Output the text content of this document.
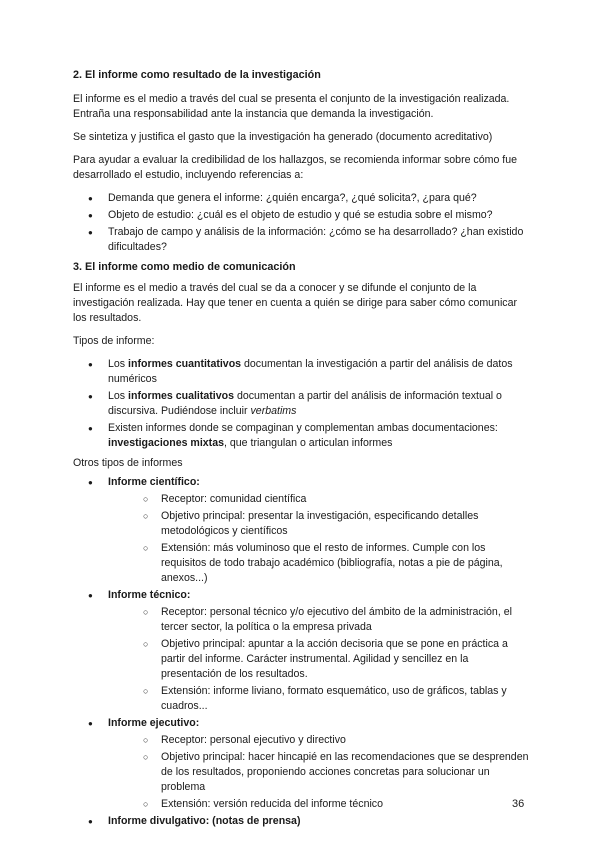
2. El informe como resultado de la investigación

El informe es el medio a través del cual se presenta el conjunto de la investigación realizada. Entraña una responsabilidad ante la instancia que demanda la investigación.

Se sintetiza y justifica el gasto que la investigación ha generado (documento acreditativo)

Para ayudar a evaluar la credibilidad de los hallazgos, se recomienda informar sobre cómo fue desarrollado el estudio, incluyendo referencias a:

● Demanda que genera el informe: ¿quién encarga?, ¿qué solicita?, ¿para qué?
● Objeto de estudio: ¿cuál es el objeto de estudio y qué se estudia sobre el mismo?
● Trabajo de campo y análisis de la información: ¿cómo se ha desarrollado? ¿han existido dificultades?
3. El informe como medio de comunicación

El informe es el medio a través del cual se da a conocer y se difunde el conjunto de la investigación realizada. Hay que tener en cuenta a quién se dirige para saber cómo comunicar los resultados.

Tipos de informe:

● Los informes cuantitativos documentan la investigación a partir del análisis de datos numéricos
● Los informes cualitativos documentan a partir del análisis de información textual o discursiva. Pudiéndose incluir verbatims
● Existen informes donde se compaginan y complementan ambas documentaciones: investigaciones mixtas, que triangulan o articulan informes

Otros tipos de informes

● Informe científico:
○ Receptor: comunidad científica
○ Objetivo principal: presentar la investigación, especificando detalles metodológicos y científicos
○ Extensión: más voluminoso que el resto de informes. Cumple con los requisitos de todo trabajo académico (bibliografía, notas a pie de página, anexos...)
● Informe técnico:
○ Receptor: personal técnico y/o ejecutivo del ámbito de la administración, el tercer sector, la política o la empresa privada
○ Objetivo principal: apuntar a la acción decisoria que se pone en práctica a partir del informe. Carácter instrumental. Agilidad y sencillez en la presentación de los resultados.
○ Extensión: informe liviano, formato esquemático, uso de gráficos, tablas y cuadros...
● Informe ejecutivo:
○ Receptor: personal ejecutivo y directivo
○ Objetivo principal: hacer hincapié en las recomendaciones que se desprenden de los resultados, proponiendo acciones concretas para solucionar un problema
○ Extensión: versión reducida del informe técnico
● Informe divulgativo: (notas de prensa)
36
